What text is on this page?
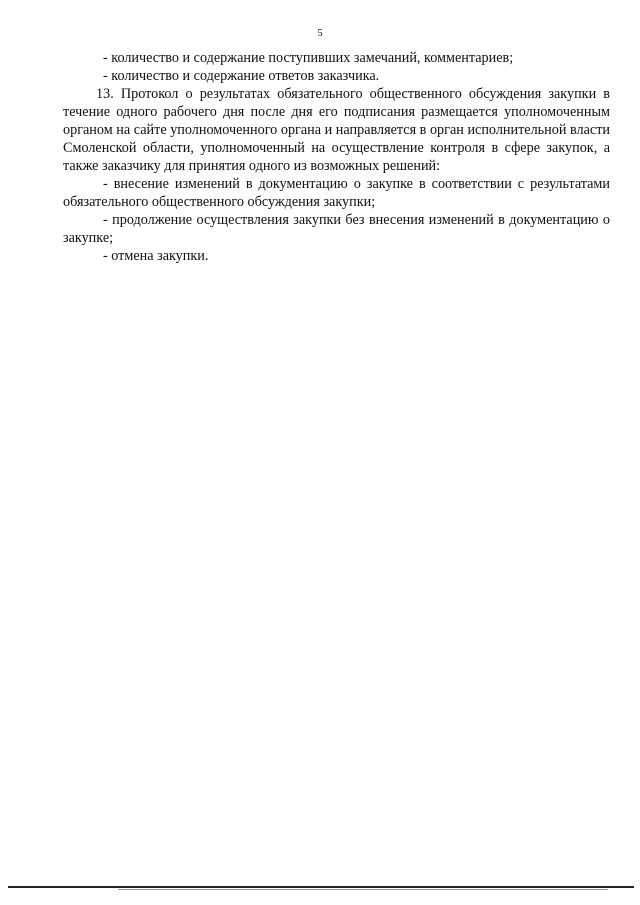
5

- количество и содержание поступивших замечаний, комментариев;

- количество и содержание ответов заказчика.

13. Протокол о результатах обязательного общественного обсуждения закупки в течение одного рабочего дня после дня его подписания размещается уполномоченным органом на сайте уполномоченного органа и направляется в орган исполнительной власти Смоленской области, уполномоченный на осуществление контроля в сфере закупок, а также заказчику для принятия одного из возможных решений:

- внесение изменений в документацию о закупке в соответствии с результатами обязательного общественного обсуждения закупки;

- продолжение осуществления закупки без внесения изменений в документацию о закупке;

- отмена закупки.
